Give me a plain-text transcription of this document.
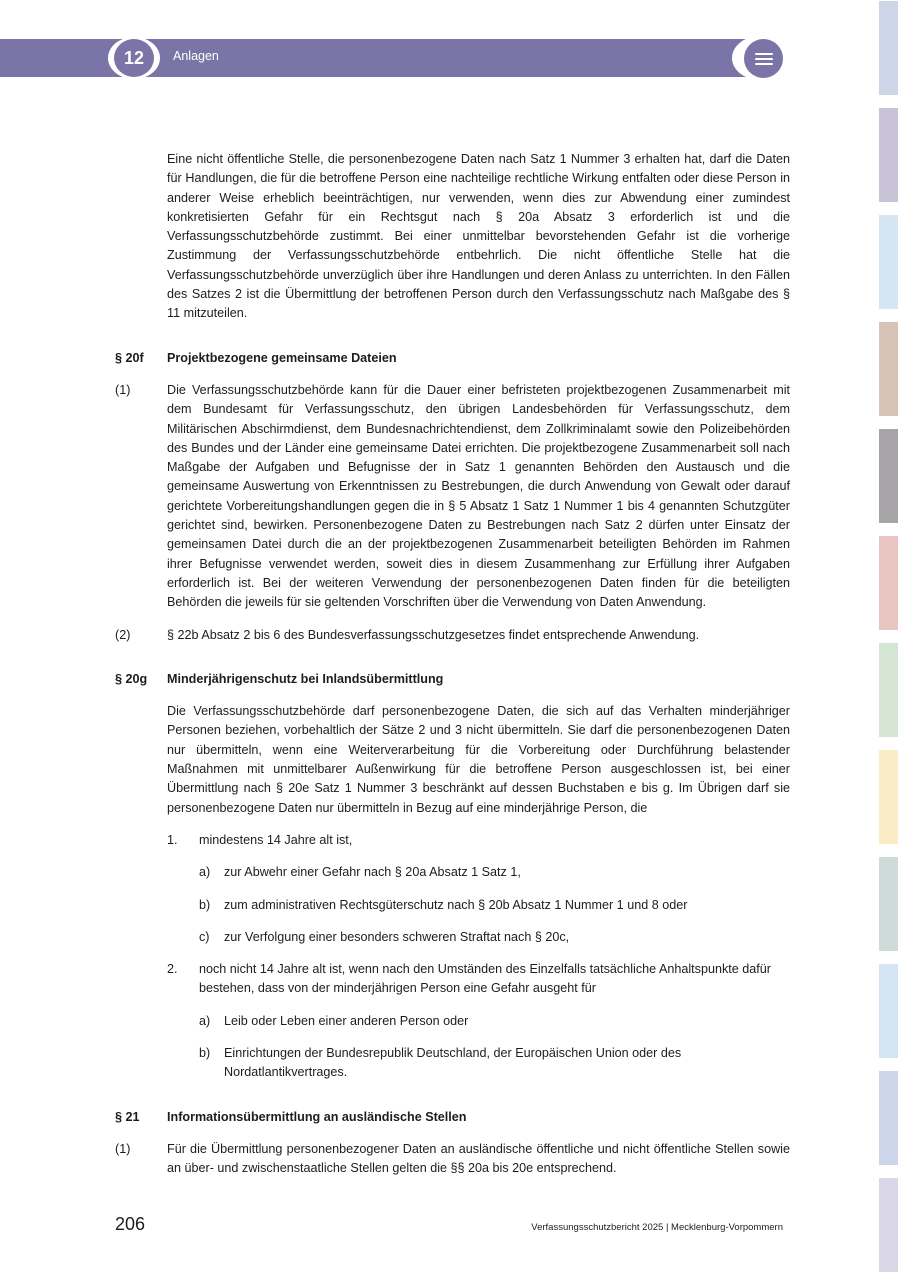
12	Anlagen

Eine nicht öffentliche Stelle, die personenbezogene Daten nach Satz 1 Nummer 3 erhalten hat, darf die Daten für Handlungen, die für die betroffene Person eine nachteilige rechtliche Wirkung entfalten oder diese Person in anderer Weise erheblich beeinträchtigen, nur verwenden, wenn dies zur Abwendung einer zumindest konkretisierten Gefahr für ein Rechtsgut nach § 20a Absatz 3 erforderlich ist und die Verfassungsschutzbehörde zustimmt. Bei einer unmittelbar bevorstehenden Gefahr ist die vorherige Zustimmung der Verfassungsschutzbehörde entbehrlich. Die nicht öffentliche Stelle hat die Verfassungsschutzbehörde unverzüglich über ihre Handlungen und deren Anlass zu unterrichten. In den Fällen des Satzes 2 ist die Übermittlung der betroffenen Person durch den Verfassungsschutz nach Maßgabe des § 11 mitzuteilen.

§ 20f	Projektbezogene gemeinsame Dateien
(1)	Die Verfassungsschutzbehörde kann für die Dauer einer befristeten projektbezogenen Zusammenarbeit mit dem Bundesamt für Verfassungsschutz, den übrigen Landesbehörden für Verfassungsschutz, dem Militärischen Abschirmdienst, dem Bundesnachrichtendienst, dem Zollkriminalamt sowie den Polizeibehörden des Bundes und der Länder eine gemeinsame Datei errichten. Die projektbezogene Zusammenarbeit soll nach Maßgabe der Aufgaben und Befugnisse der in Satz 1 genannten Behörden den Austausch und die gemeinsame Auswertung von Erkenntnissen zu Bestrebungen, die durch Anwendung von Gewalt oder darauf gerichtete Vorbereitungshandlungen gegen die in § 5 Absatz 1 Satz 1 Nummer 1 bis 4 genannten Schutzgüter gerichtet sind, bewirken. Personenbezogene Daten zu Bestrebungen nach Satz 2 dürfen unter Einsatz der gemeinsamen Datei durch die an der projektbezogenen Zusammenarbeit beteiligten Behörden im Rahmen ihrer Befugnisse verwendet werden, soweit dies in diesem Zusammenhang zur Erfüllung ihrer Aufgaben erforderlich ist. Bei der weiteren Verwendung der personenbezogenen Daten finden für die beteiligten Behörden die jeweils für sie geltenden Vorschriften über die Verwendung von Daten Anwendung.
(2)	§ 22b Absatz 2 bis 6 des Bundesverfassungsschutzgesetzes findet entsprechende Anwendung.
§ 20g	Minderjährigenschutz bei Inlandsübermittlung

Die Verfassungsschutzbehörde darf personenbezogene Daten, die sich auf das Verhalten minderjähriger Personen beziehen, vorbehaltlich der Sätze 2 und 3 nicht übermitteln. Sie darf die personenbezogenen Daten nur übermitteln, wenn eine Weiterverarbeitung für die Vorbereitung oder Durchführung belastender Maßnahmen mit unmittelbarer Außenwirkung für die betroffene Person ausgeschlossen ist, bei einer Übermittlung nach § 20e Satz 1 Nummer 3 beschränkt auf dessen Buchstaben e bis g. Im Übrigen darf sie personenbezogene Daten nur übermitteln in Bezug auf eine minderjährige Person, die

1.	mindestens 14 Jahre alt ist,
a)	zur Abwehr einer Gefahr nach § 20a Absatz 1 Satz 1,
b)	zum administrativen Rechtsgüterschutz nach § 20b Absatz 1 Nummer 1 und 8 oder
c)	zur Verfolgung einer besonders schweren Straftat nach § 20c,
2.	noch nicht 14 Jahre alt ist, wenn nach den Umständen des Einzelfalls tatsächliche Anhaltspunkte dafür bestehen, dass von der minderjährigen Person eine Gefahr ausgeht für
a)	Leib oder Leben einer anderen Person oder
b)	Einrichtungen der Bundesrepublik Deutschland, der Europäischen Union oder des Nordatlantikvertrages.
§ 21	Informationsübermittlung an ausländische Stellen
(1)	Für die Übermittlung personenbezogener Daten an ausländische öffentliche und nicht öffentliche Stellen sowie an über- und zwischenstaatliche Stellen gelten die §§ 20a bis 20e entsprechend.
206	Verfassungsschutzbericht 2025 | Mecklenburg-Vorpommern
